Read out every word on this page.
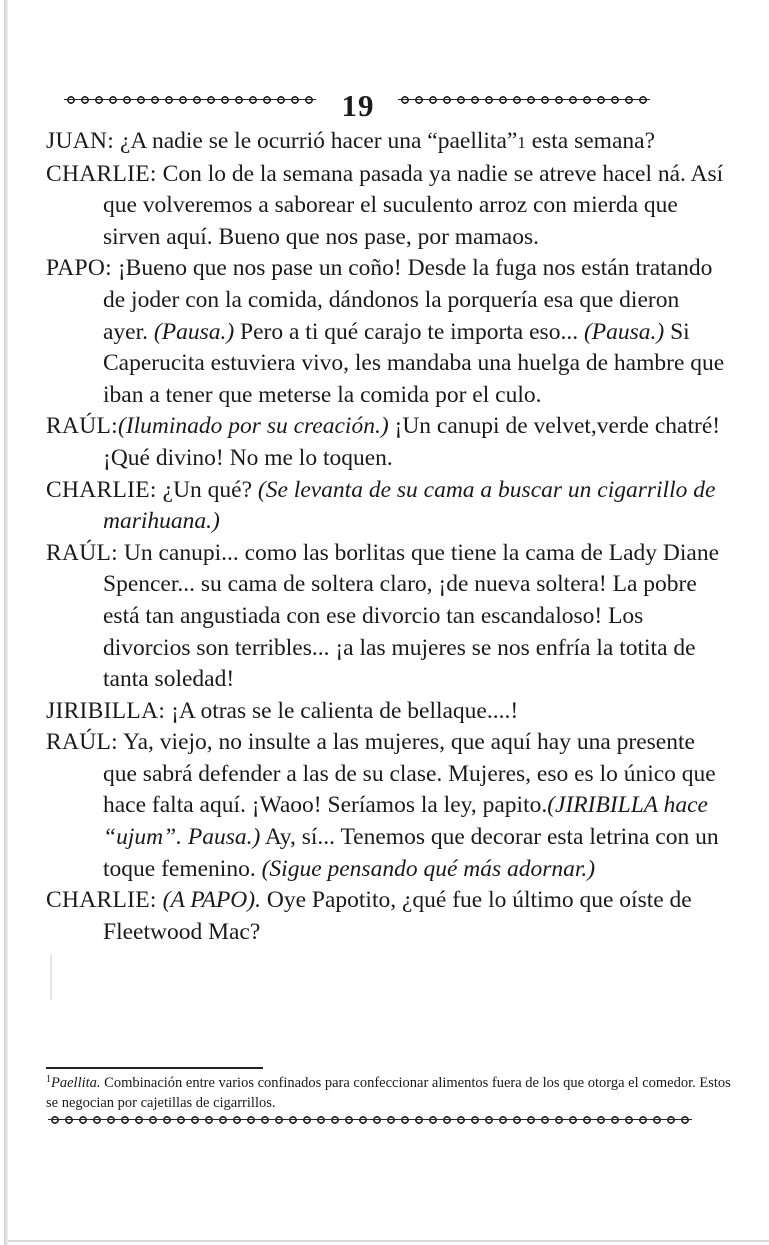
19

JUAN: ¿A nadie se le ocurrió hacer una “paellita”1 esta semana?

CHARLIE: Con lo de la semana pasada ya nadie se atreve hacel ná. Así que volveremos a saborear el suculento arroz con mierda que sirven aquí. Bueno que nos pase, por mamaos.

PAPO: ¡Bueno que nos pase un coño! Desde la fuga nos están tratando de joder con la comida, dándonos la porquería esa que dieron ayer. (Pausa.) Pero a ti qué carajo te importa eso... (Pausa.) Si Caperucita estuviera vivo, les mandaba una huelga de hambre que iban a tener que meterse la comida por el culo.

RAÚL:(Iluminado por su creación.) ¡Un canupi de velvet,verde chatré! ¡Qué divino! No me lo toquen.

CHARLIE: ¿Un qué? (Se levanta de su cama a buscar un cigarrillo de marihuana.)

RAÚL: Un canupi... como las borlitas que tiene la cama de Lady Diane Spencer... su cama de soltera claro, ¡de nueva soltera! La pobre está tan angustiada con ese divorcio tan escandaloso! Los divorcios son terribles... ¡a las mujeres se nos enfría la totita de tanta soledad!

JIRIBILLA: ¡A otras se le calienta de bellaque....!

RAÚL: Ya, viejo, no insulte a las mujeres, que aquí hay una presente que sabrá defender a las de su clase. Mujeres, eso es lo único que hace falta aquí. ¡Waoo! Seríamos la ley, papito.(JIRIBILLA hace “ujum”. Pausa.) Ay, sí... Tenemos que decorar esta letrina con un toque femenino. (Sigue pensando qué más adornar.)

CHARLIE: (A PAPO). Oye Papotito, ¿qué fue lo último que oíste de Fleetwood Mac?

$^1$Paellita. Combinación entre varios confinados para confeccionar alimentos fuera de los que otorga el comedor. Estos se negocian por cajetillas de cigarrillos.
